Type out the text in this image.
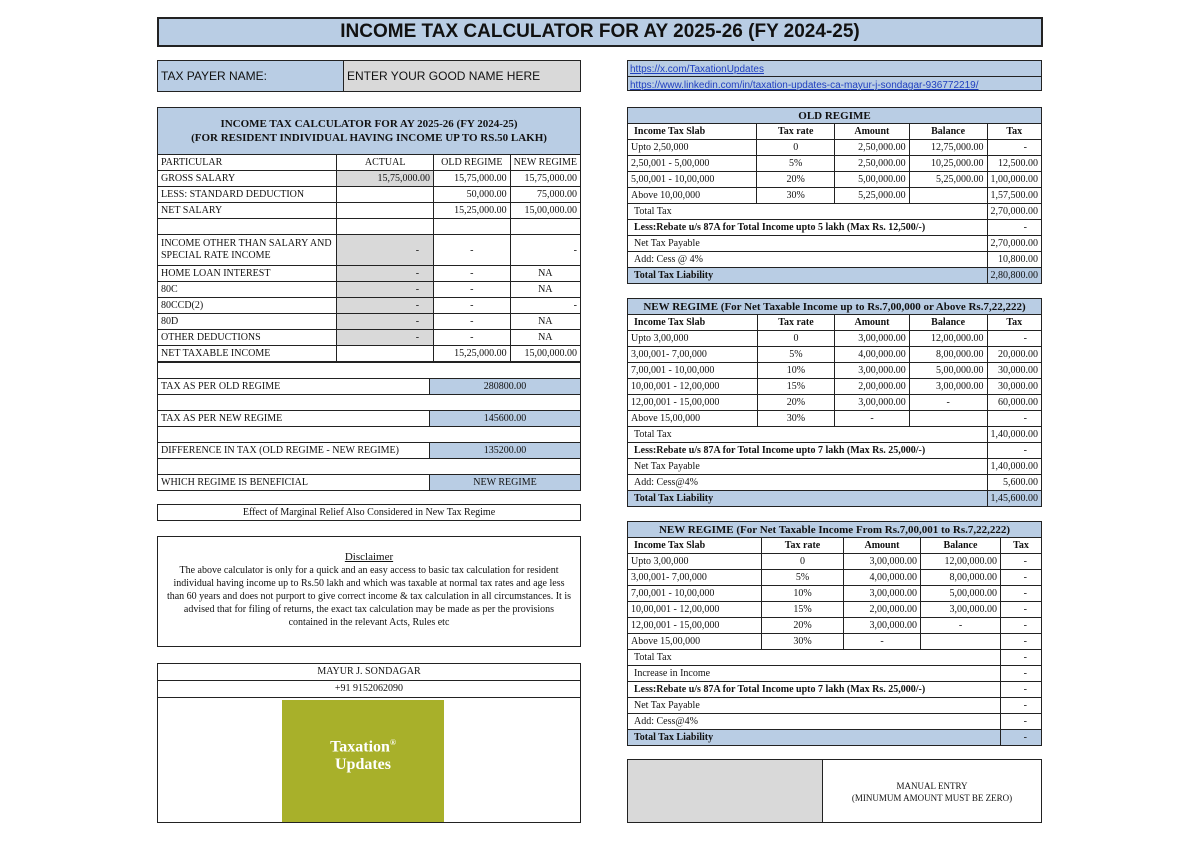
INCOME TAX CALCULATOR FOR AY 2025-26 (FY 2024-25)
TAX PAYER NAME:	ENTER YOUR GOOD NAME HERE	https://x.com/TaxationUpdates
https://www.linkedin.com/in/taxation-updates-ca-mayur-j-sondagar-936772219/
INCOME TAX CALCULATOR FOR AY 2025-26 (FY 2024-25)
(FOR RESIDENT INDIVIDUAL HAVING INCOME UP TO RS.50 LAKH)			

PARTICULAR	ACTUAL	OLD REGIME	NEW REGIME
GROSS SALARY	15,75,000.00	15,75,000.00	15,75,000.00
LESS: STANDARD DEDUCTION		50,000.00	75,000.00
NET SALARY		15,25,000.00	15,00,000.00

INCOME OTHER THAN SALARY AND SPECIAL RATE INCOME	-	-	-
HOME LOAN INTEREST	-	-	NA
80C	-	-	NA
80CCD(2)	-	-	-
80D	-	-	NA
OTHER DEDUCTIONS	-	-	NA
NET TAXABLE INCOME		15,25,000.00	15,00,000.00

TAX AS PER OLD REGIME	280800.00

TAX AS PER NEW REGIME	145600.00

DIFFERENCE IN TAX (OLD REGIME - NEW REGIME)	135200.00

WHICH REGIME IS BENEFICIAL	NEW REGIME
Effect of Marginal Relief Also Considered in New Tax Regime
Disclaimer
The above calculator is only for a quick and an easy access to basic tax calculation for resident individual having income up to Rs.50 lakh and which was taxable at normal tax rates and age less than 60 years and does not purport to give correct income & tax calculation in all circumstances. It is advised that for filing of returns, the exact tax calculation may be made as per the provisions contained in the relevant Acts, Rules etc
MAYUR J. SONDAGAR
+91 9152062090
Taxation®
Updates
OLD REGIME				
Income Tax Slab	Tax rate	Amount	Balance	Tax
Upto 2,50,000	0	2,50,000.00	12,75,000.00	-
2,50,001 - 5,00,000	5%	2,50,000.00	10,25,000.00	12,500.00
5,00,001 - 10,00,000	20%	5,00,000.00	5,25,000.00	1,00,000.00
Above 10,00,000	30%	5,25,000.00		1,57,500.00
Total Tax				2,70,000.00
Less:Rebate u/s 87A for Total Income upto 5 lakh (Max Rs. 12,500/-)				-
Net Tax Payable				2,70,000.00
Add: Cess @ 4%				10,800.00
Total Tax Liability				2,80,800.00
NEW REGIME (For Net Taxable Income up to Rs.7,00,000 or Above Rs.7,22,222)				
Income Tax Slab	Tax rate	Amount	Balance	Tax
Upto 3,00,000	0	3,00,000.00	12,00,000.00	-
3,00,001- 7,00,000	5%	4,00,000.00	8,00,000.00	20,000.00
7,00,001 - 10,00,000	10%	3,00,000.00	5,00,000.00	30,000.00
10,00,001 - 12,00,000	15%	2,00,000.00	3,00,000.00	30,000.00
12,00,001 - 15,00,000	20%	3,00,000.00	-	60,000.00
Above 15,00,000	30%	-		-
Total Tax				1,40,000.00
Less:Rebate u/s 87A for Total Income upto 7 lakh (Max Rs. 25,000/-)				-
Net Tax Payable				1,40,000.00
Add: Cess@4%				5,600.00
Total Tax Liability				1,45,600.00
NEW REGIME (For Net Taxable Income From Rs.7,00,001 to Rs.7,22,222)				
Income Tax Slab	Tax rate	Amount	Balance	Tax
Upto 3,00,000	0	3,00,000.00	12,00,000.00	-
3,00,001- 7,00,000	5%	4,00,000.00	8,00,000.00	-
7,00,001 - 10,00,000	10%	3,00,000.00	5,00,000.00	-
10,00,001 - 12,00,000	15%	2,00,000.00	3,00,000.00	-
12,00,001 - 15,00,000	20%	3,00,000.00	-	-
Above 15,00,000	30%	-		-
Total Tax				-
Increase in Income				-
Less:Rebate u/s 87A for Total Income upto 7 lakh (Max Rs. 25,000/-)				-
Net Tax Payable				-
Add: Cess@4%				-
Total Tax Liability				-
MANUAL ENTRY
(MINUMUM AMOUNT MUST BE ZERO)
